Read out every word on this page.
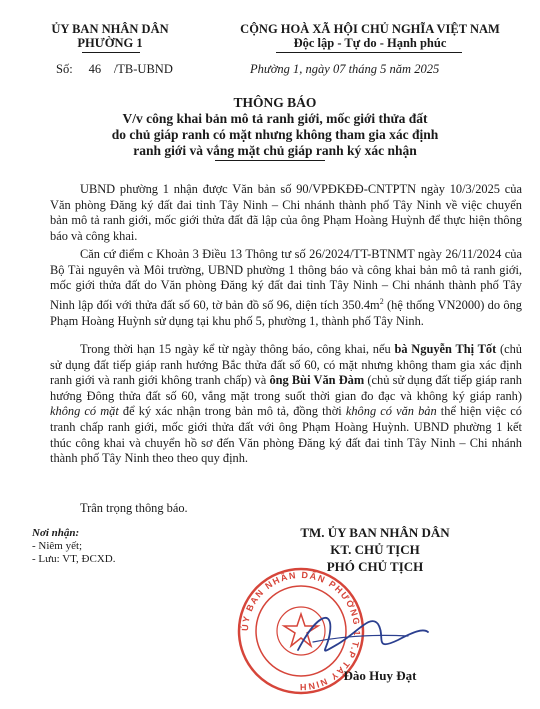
ỦY BAN NHÂN DÂN
PHƯỜNG 1
CỘNG HOÀ XÃ HỘI CHỦ NGHĨA VIỆT NAM
Độc lập - Tự do - Hạnh phúc
Số: 46 /TB-UBND	Phường 1, ngày 07 tháng 5 năm 2025
THÔNG BÁO
V/v công khai bản mô tả ranh giới, mốc giới thửa đất
do chủ giáp ranh có mặt nhưng không tham gia xác định
ranh giới và vắng mặt chủ giáp ranh ký xác nhận

UBND phường 1 nhận được Văn bản số 90/VPĐKĐĐ-CNTPTN ngày 10/3/2025 của Văn phòng Đăng ký đất đai tỉnh Tây Ninh – Chi nhánh thành phố Tây Ninh về việc chuyển bản mô tả ranh giới, mốc giới thửa đất đã lập của ông Phạm Hoàng Huỳnh để thực hiện thông báo và công khai.

Căn cứ điểm c Khoản 3 Điều 13 Thông tư số 26/2024/TT-BTNMT ngày 26/11/2024 của Bộ Tài nguyên và Môi trường, UBND phường 1 thông báo và công khai bản mô tả ranh giới, mốc giới thửa đất do Văn phòng Đăng ký đất đai tỉnh Tây Ninh – Chi nhánh thành phố Tây Ninh lập đối với thửa đất số 60, tờ bản đồ số 96, diện tích $350.4m^2$ (hệ thống VN2000) do ông Phạm Hoàng Huỳnh sử dụng tại khu phố 5, phường 1, thành phố Tây Ninh.

Trong thời hạn 15 ngày kể từ ngày thông báo, công khai, nếu bà Nguyễn Thị Tốt (chủ sử dụng đất tiếp giáp ranh hướng Bắc thửa đất số 60, có mặt nhưng không tham gia xác định ranh giới và ranh giới không tranh chấp) và ông Bùi Văn Đàm (chủ sử dụng đất tiếp giáp ranh hướng Đông thửa đất số 60, vắng mặt trong suốt thời gian đo đạc và không ký giáp ranh) không có mặt để ký xác nhận trong bản mô tả, đồng thời không có văn bản thể hiện việc có tranh chấp ranh giới, mốc giới thửa đất với ông Phạm Hoàng Huỳnh. UBND phường 1 kết thúc công khai và chuyển hồ sơ đến Văn phòng Đăng ký đất đai tỉnh Tây Ninh – Chi nhánh thành phố Tây Ninh theo theo quy định.

Trân trọng thông báo.

Nơi nhận:
- Niêm yết;
- Lưu: VT, ĐCXD.
TM. ỦY BAN NHÂN DÂN
KT. CHỦ TỊCH
PHÓ CHỦ TỊCH
ỦY BAN NHÂN DÂN PHƯỜNG 1 T.P TÂY NINH
Đào Huy Đạt
